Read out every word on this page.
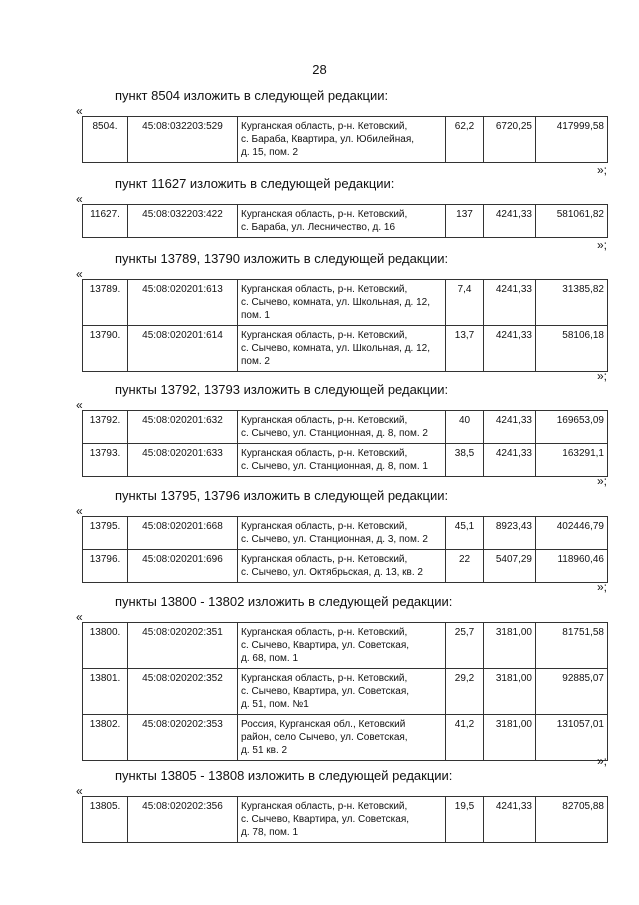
28
пункт 8504 изложить в следующей редакции:
«
8504.	45:08:032203:529	Курганская область, р-н. Кетовский,
с. Бараба, Квартира, ул. Юбилейная,
д. 15, пом. 2	62,2	6720,25	417999,58
»;
пункт 11627 изложить в следующей редакции:
«
11627.	45:08:032203:422	Курганская область, р-н. Кетовский,
с. Бараба, ул. Лесничество, д. 16	137	4241,33	581061,82
»;
пункты 13789, 13790 изложить в следующей редакции:
«
13789.	45:08:020201:613	Курганская область, р-н. Кетовский,
с. Сычево, комната, ул. Школьная, д. 12,
пом. 1	7,4	4241,33	31385,82
13790.	45:08:020201:614	Курганская область, р-н. Кетовский,
с. Сычево, комната, ул. Школьная, д. 12,
пом. 2	13,7	4241,33	58106,18
»;
пункты 13792, 13793 изложить в следующей редакции:
«
13792.	45:08:020201:632	Курганская область, р-н. Кетовский,
с. Сычево, ул. Станционная, д. 8, пом. 2	40	4241,33	169653,09
13793.	45:08:020201:633	Курганская область, р-н. Кетовский,
с. Сычево, ул. Станционная, д. 8, пом. 1	38,5	4241,33	163291,1
»;
пункты 13795, 13796 изложить в следующей редакции:
«
13795.	45:08:020201:668	Курганская область, р-н. Кетовский,
с. Сычево, ул. Станционная, д. 3, пом. 2	45,1	8923,43	402446,79
13796.	45:08:020201:696	Курганская область, р-н. Кетовский,
с. Сычево, ул. Октябрьская, д. 13, кв. 2	22	5407,29	118960,46
»;
пункты 13800 - 13802 изложить в следующей редакции:
«
13800.	45:08:020202:351	Курганская область, р-н. Кетовский,
с. Сычево, Квартира, ул. Советская,
д. 68, пом. 1	25,7	3181,00	81751,58
13801.	45:08:020202:352	Курганская область, р-н. Кетовский,
с. Сычево, Квартира, ул. Советская,
д. 51, пом. №1	29,2	3181,00	92885,07
13802.	45:08:020202:353	Россия, Курганская обл., Кетовский
район, село Сычево, ул. Советская,
д. 51 кв. 2	41,2	3181,00	131057,01
»;
пункты 13805 - 13808 изложить в следующей редакции:
«
13805.	45:08:020202:356	Курганская область, р-н. Кетовский,
с. Сычево, Квартира, ул. Советская,
д. 78, пом. 1	19,5	4241,33	82705,88
